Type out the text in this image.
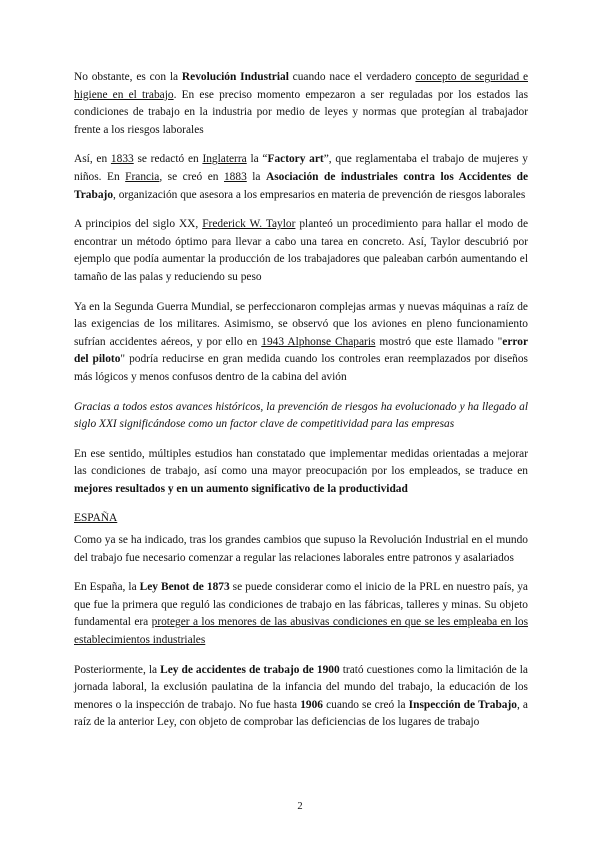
No obstante, es con la Revolución Industrial cuando nace el verdadero concepto de seguridad e higiene en el trabajo. En ese preciso momento empezaron a ser reguladas por los estados las condiciones de trabajo en la industria por medio de leyes y normas que protegían al trabajador frente a los riesgos laborales

Así, en 1833 se redactó en Inglaterra la “Factory art”, que reglamentaba el trabajo de mujeres y niños. En Francia, se creó en 1883 la Asociación de industriales contra los Accidentes de Trabajo, organización que asesora a los empresarios en materia de prevención de riesgos laborales

A principios del siglo XX, Frederick W. Taylor planteó un procedimiento para hallar el modo de encontrar un método óptimo para llevar a cabo una tarea en concreto. Así, Taylor descubrió por ejemplo que podía aumentar la producción de los trabajadores que paleaban carbón aumentando el tamaño de las palas y reduciendo su peso

Ya en la Segunda Guerra Mundial, se perfeccionaron complejas armas y nuevas máquinas a raíz de las exigencias de los militares. Asimismo, se observó que los aviones en pleno funcionamiento sufrían accidentes aéreos, y por ello en 1943 Alphonse Chaparis mostró que este llamado "error del piloto" podría reducirse en gran medida cuando los controles eran reemplazados por diseños más lógicos y menos confusos dentro de la cabina del avión

Gracias a todos estos avances históricos, la prevención de riesgos ha evolucionado y ha llegado al siglo XXI significándose como un factor clave de competitividad para las empresas

En ese sentido, múltiples estudios han constatado que implementar medidas orientadas a mejorar las condiciones de trabajo, así como una mayor preocupación por los empleados, se traduce en mejores resultados y en un aumento significativo de la productividad

ESPAÑA

Como ya se ha indicado, tras los grandes cambios que supuso la Revolución Industrial en el mundo del trabajo fue necesario comenzar a regular las relaciones laborales entre patronos y asalariados

En España, la Ley Benot de 1873 se puede considerar como el inicio de la PRL en nuestro país, ya que fue la primera que reguló las condiciones de trabajo en las fábricas, talleres y minas. Su objeto fundamental era proteger a los menores de las abusivas condiciones en que se les empleaba en los establecimientos industriales

Posteriormente, la Ley de accidentes de trabajo de 1900 trató cuestiones como la limitación de la jornada laboral, la exclusión paulatina de la infancia del mundo del trabajo, la educación de los menores o la inspección de trabajo. No fue hasta 1906 cuando se creó la Inspección de Trabajo, a raíz de la anterior Ley, con objeto de comprobar las deficiencias de los lugares de trabajo

2
